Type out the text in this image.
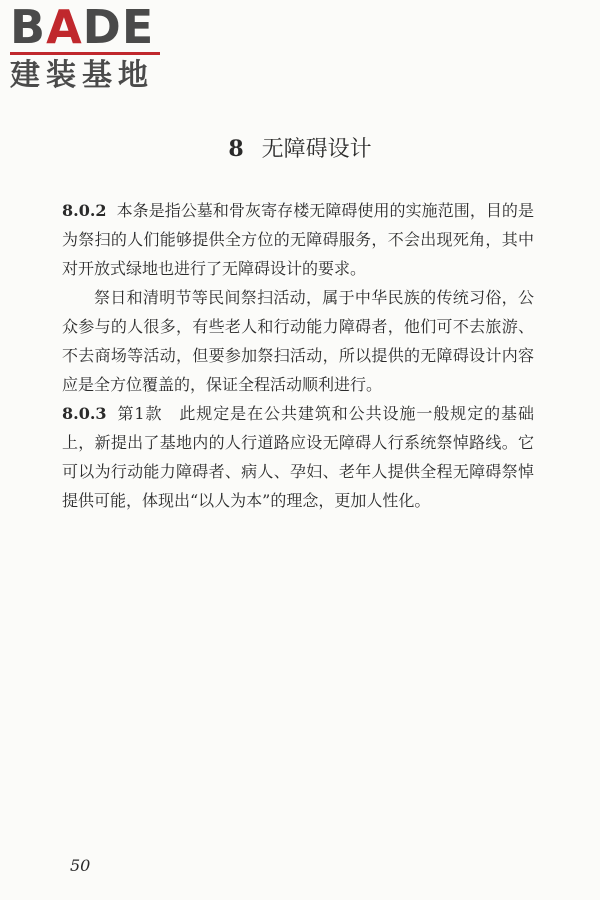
BADE
建装基地
8 无障碍设计

8.0.2 本条是指公墓和骨灰寄存楼无障碍使用的实施范围，目的是为祭扫的人们能够提供全方位的无障碍服务，不会出现死角，其中对开放式绿地也进行了无障碍设计的要求。

祭日和清明节等民间祭扫活动，属于中华民族的传统习俗，公众参与的人很多，有些老人和行动能力障碍者，他们可不去旅游、不去商场等活动，但要参加祭扫活动，所以提供的无障碍设计内容应是全方位覆盖的，保证全程活动顺利进行。

8.0.3 第1款　此规定是在公共建筑和公共设施一般规定的基础上，新提出了基地内的人行道路应设无障碍人行系统祭悼路线。它可以为行动能力障碍者、病人、孕妇、老年人提供全程无障碍祭悼提供可能，体现出“以人为本”的理念，更加人性化。

50
